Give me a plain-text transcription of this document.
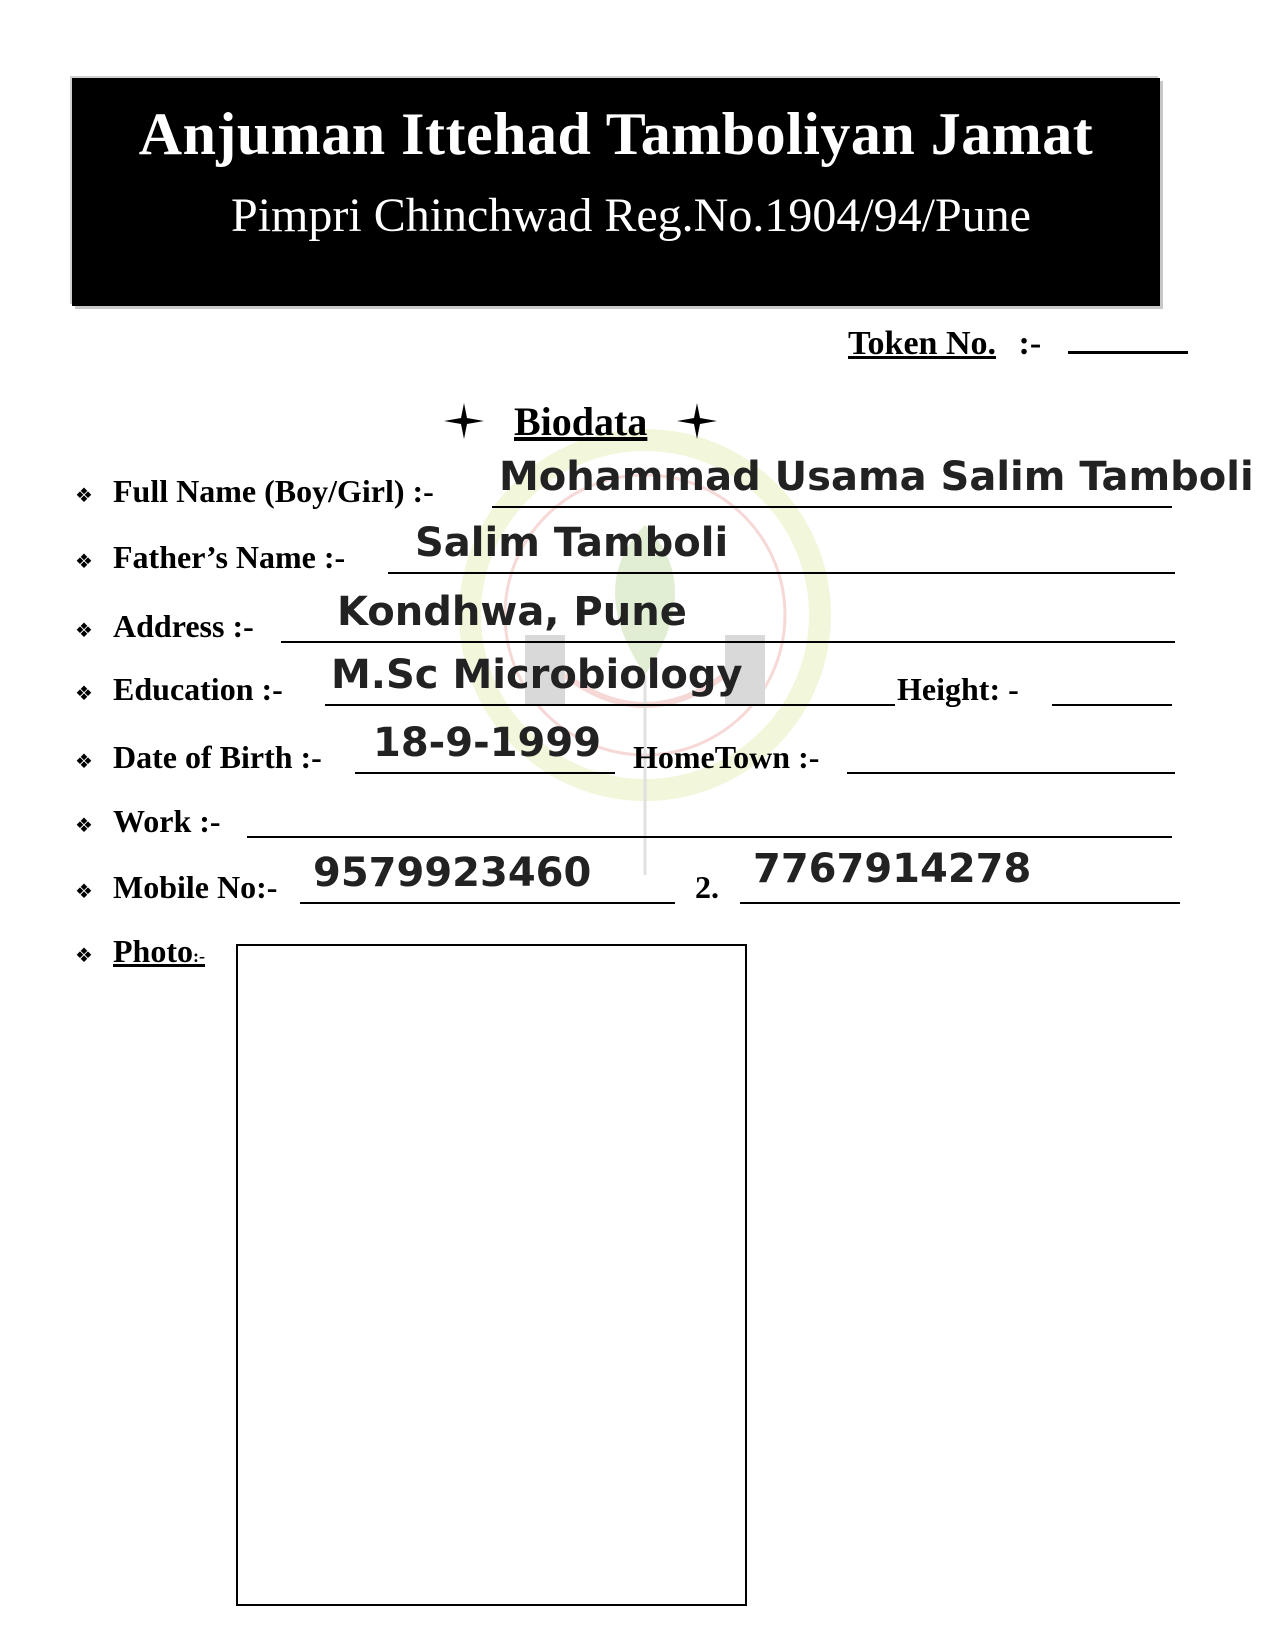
Anjuman Ittehad Tamboliyan Jamat
Pimpri Chinchwad Reg.No.1904/94/Pune
Token No. :-
Biodata
❖ Full Name (Boy/Girl) :- Mohammad Usama Salim Tamboli
❖ Father’s Name :- Salim Tamboli
❖ Address :- Kondhwa, Pune
❖ Education :- M.Sc Microbiology	Height: -
❖ Date of Birth :- 18-9-1999 HomeTown :-
❖ Work :-
❖ Mobile No:- 9579923460	2. 7767914278
❖ Photo:-
